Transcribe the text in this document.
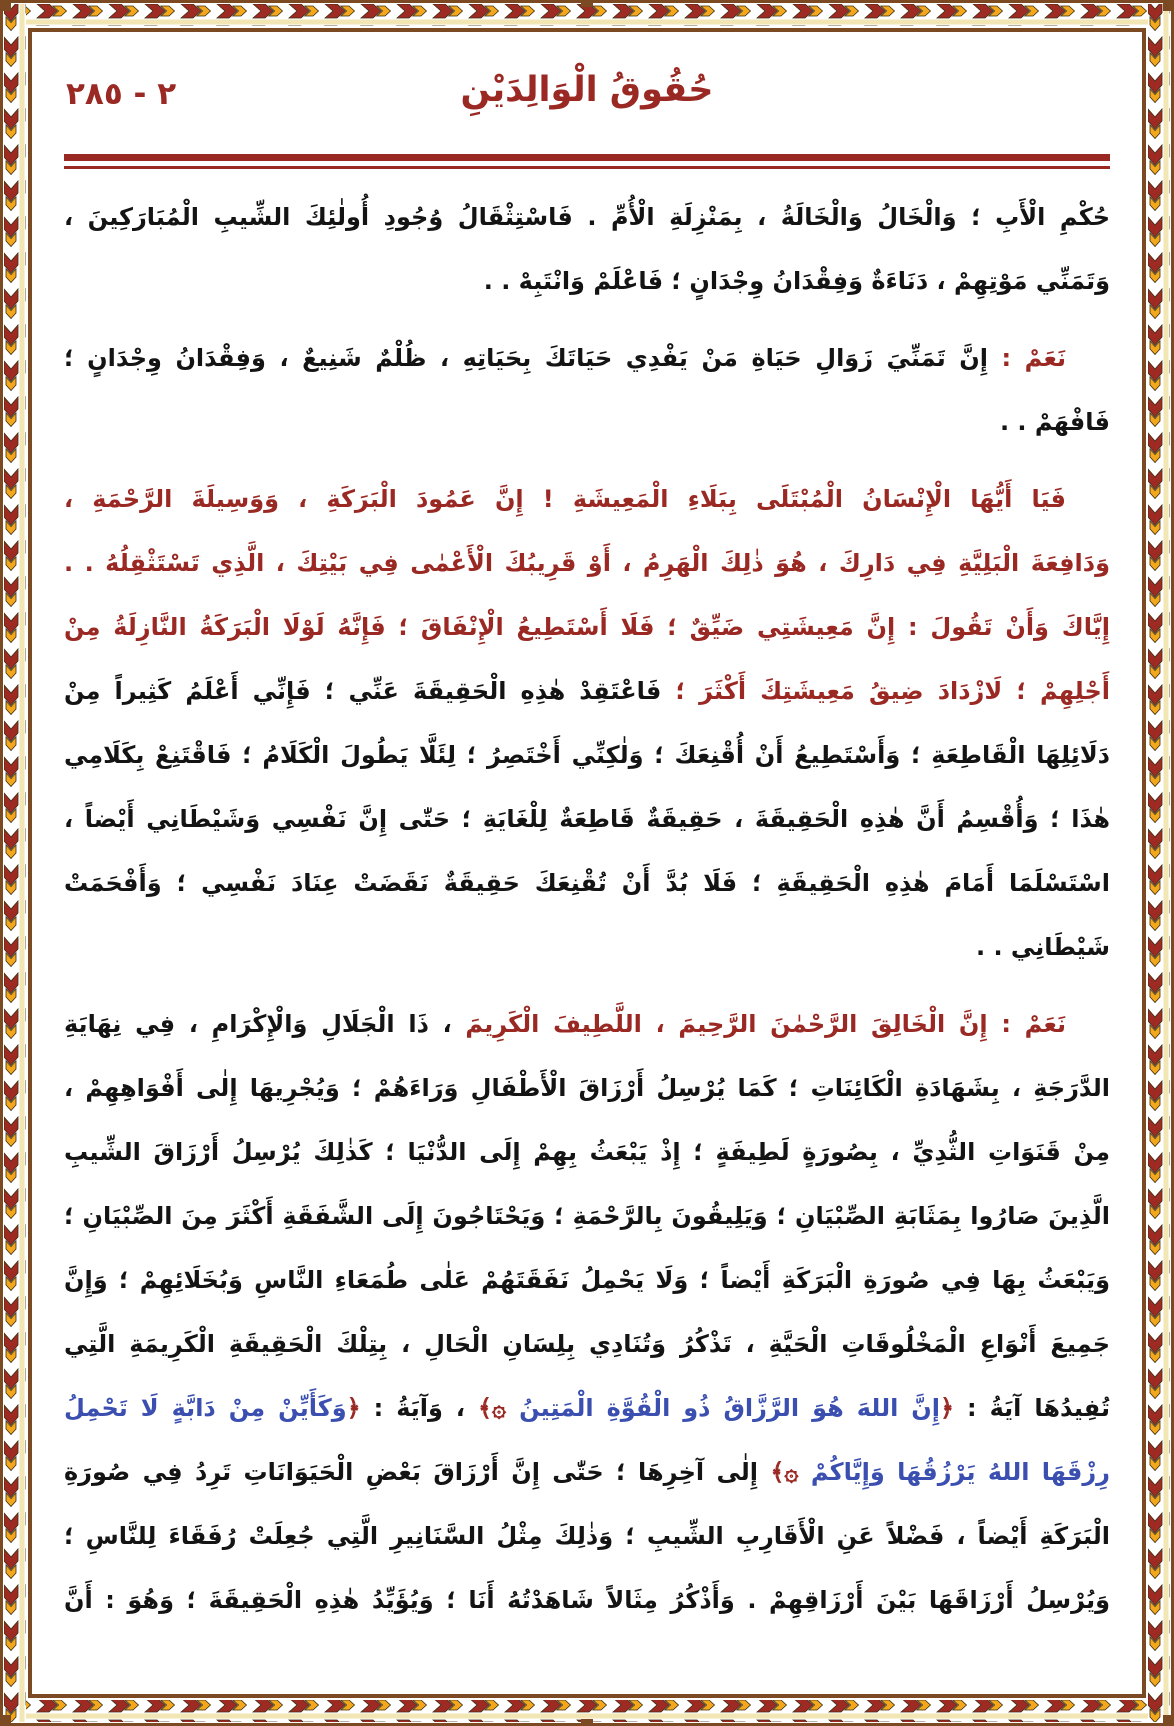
٢ - ٢٨٥	حُقُوقُ الْوَالِدَيْنِ
حُكْمِ الْأَبِ ؛ وَالْخَالُ وَالْخَالَةُ ، بِمَنْزِلَةِ الْأُمِّ . فَاسْتِثْقَالُ وُجُودِ أُولٰئِكَ الشِّيبِ الْمُبَارَكِينَ ،
وَتَمَنِّي مَوْتِهِمْ ، دَنَاءَةٌ وَفِقْدَانُ وِجْدَانٍ ؛ فَاعْلَمْ وَانْتَبِهْ . .
نَعَمْ : إِنَّ تَمَنِّيَ زَوَالِ حَيَاةِ مَنْ يَفْدِي حَيَاتَكَ بِحَيَاتِهِ ، ظُلْمٌ شَنِيعٌ ، وَفِقْدَانُ وِجْدَانٍ ؛
فَافْهَمْ . .
فَيَا أَيُّهَا الْإِنْسَانُ الْمُبْتَلَى بِبَلَاءِ الْمَعِيشَةِ ! إِنَّ عَمُودَ الْبَرَكَةِ ، وَوَسِيلَةَ الرَّحْمَةِ ،
وَدَافِعَةَ الْبَلِيَّةِ فِي دَارِكَ ، هُوَ ذٰلِكَ الْهَرِمُ ، أَوْ قَرِيبُكَ الْأَعْمٰى فِي بَيْتِكَ ، الَّذِي تَسْتَثْقِلُهُ . .
إِيَّاكَ وَأَنْ تَقُولَ : إِنَّ مَعِيشَتِي ضَيِّقٌ ؛ فَلَا أَسْتَطِيعُ الْإِنْفَاقَ ؛ فَإِنَّهُ لَوْلَا الْبَرَكَةُ النَّازِلَةُ مِنْ
أَجْلِهِمْ ؛ لَازْدَادَ ضِيقُ مَعِيشَتِكَ أَكْثَرَ ؛ فَاعْتَقِدْ هٰذِهِ الْحَقِيقَةَ عَنِّي ؛ فَإِنِّي أَعْلَمُ كَثِيراً مِنْ
دَلَائِلِهَا الْقَاطِعَةِ ؛ وَأَسْتَطِيعُ أَنْ أُقْنِعَكَ ؛ وَلٰكِنِّي أَخْتَصِرُ ؛ لِئَلَّا يَطُولَ الْكَلَامُ ؛ فَاقْتَنِعْ بِكَلَامِي
هٰذَا ؛ وَأُقْسِمُ أَنَّ هٰذِهِ الْحَقِيقَةَ ، حَقِيقَةٌ قَاطِعَةٌ لِلْغَايَةِ ؛ حَتّٰى إِنَّ نَفْسِي وَشَيْطَانِي أَيْضاً ،
اسْتَسْلَمَا أَمَامَ هٰذِهِ الْحَقِيقَةِ ؛ فَلَا بُدَّ أَنْ تُقْنِعَكَ حَقِيقَةٌ نَقَضَتْ عِنَادَ نَفْسِي ؛ وَأَفْحَمَتْ
شَيْطَانِي . .
نَعَمْ : إِنَّ الْخَالِقَ الرَّحْمٰنَ الرَّحِيمَ ، اللَّطِيفَ الْكَرِيمَ ، ذَا الْجَلَالِ وَالْإِكْرَامِ ، فِي نِهَايَةِ
الدَّرَجَةِ ، بِشَهَادَةِ الْكَائِنَاتِ ؛ كَمَا يُرْسِلُ أَرْزَاقَ الْأَطْفَالِ وَرَاءَهُمْ ؛ وَيُجْرِيهَا إِلٰى أَفْوَاهِهِمْ ،
مِنْ قَنَوَاتِ الثُّدِيِّ ، بِصُورَةٍ لَطِيفَةٍ ؛ إِذْ يَبْعَثُ بِهِمْ إِلَى الدُّنْيَا ؛ كَذٰلِكَ يُرْسِلُ أَرْزَاقَ الشِّيبِ
الَّذِينَ صَارُوا بِمَثَابَةِ الصِّبْيَانِ ؛ وَيَلِيقُونَ بِالرَّحْمَةِ ؛ وَيَحْتَاجُونَ إِلَى الشَّفَقَةِ أَكْثَرَ مِنَ الصِّبْيَانِ ؛
وَيَبْعَثُ بِهَا فِي صُورَةِ الْبَرَكَةِ أَيْضاً ؛ وَلَا يَحْمِلُ نَفَقَتَهُمْ عَلٰى طُمَعَاءِ النَّاسِ وَبُخَلَائِهِمْ ؛ وَإِنَّ
جَمِيعَ أَنْوَاعِ الْمَخْلُوقَاتِ الْحَيَّةِ ، تَذْكُرُ وَتُنَادِي بِلِسَانِ الْحَالِ ، بِتِلْكَ الْحَقِيقَةِ الْكَرِيمَةِ الَّتِي
تُفِيدُهَا آيَةُ : ﴿إِنَّ اللهَ هُوَ الرَّزَّاقُ ذُو الْقُوَّةِ الْمَتِينُ ۞﴾ ، وَآيَةُ : ﴿وَكَأَيِّنْ مِنْ دَابَّةٍ لَا تَحْمِلُ
رِزْقَهَا اللهُ يَرْزُقُهَا وَإِيَّاكُمْ ۞﴾ إِلٰى آخِرِهَا ؛ حَتّٰى إِنَّ أَرْزَاقَ بَعْضِ الْحَيَوَانَاتِ تَرِدُ فِي صُورَةِ
الْبَرَكَةِ أَيْضاً ، فَضْلاً عَنِ الْأَقَارِبِ الشِّيبِ ؛ وَذٰلِكَ مِثْلُ السَّنَانِيرِ الَّتِي جُعِلَتْ رُفَقَاءَ لِلنَّاسِ ؛
وَيُرْسِلُ أَرْزَاقَهَا بَيْنَ أَرْزَاقِهِمْ . وَأَذْكُرُ مِثَالاً شَاهَدْتُهُ أَنَا ؛ وَيُؤَيِّدُ هٰذِهِ الْحَقِيقَةَ ؛ وَهُوَ : أَنَّ
